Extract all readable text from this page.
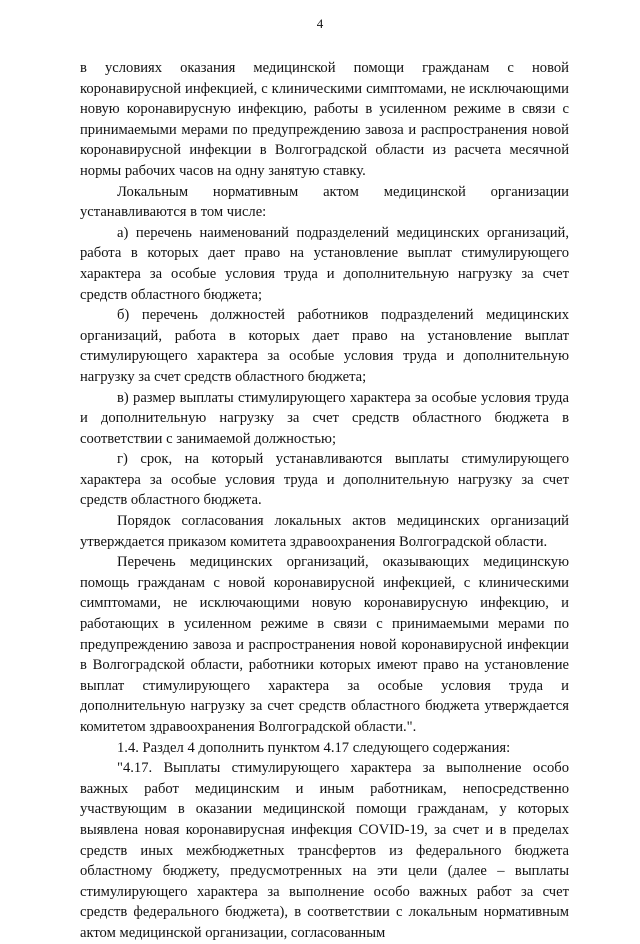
4

в условиях оказания медицинской помощи гражданам с новой коронавирусной инфекцией, с клиническими симптомами, не исключающими новую коронавирусную инфекцию, работы в усиленном режиме в связи с принимаемыми мерами по предупреждению завоза и распространения новой коронавирусной инфекции в Волгоградской области из расчета месячной нормы рабочих часов на одну занятую ставку.

Локальным нормативным актом медицинской организации устанавливаются в том числе:

а) перечень наименований подразделений медицинских организаций, работа в которых дает право на установление выплат стимулирующего характера за особые условия труда и дополнительную нагрузку за счет средств областного бюджета;

б) перечень должностей работников подразделений медицинских организаций, работа в которых дает право на установление выплат стимулирующего характера за особые условия труда и дополнительную нагрузку за счет средств областного бюджета;

в) размер выплаты стимулирующего характера за особые условия труда и дополнительную нагрузку за счет средств областного бюджета в соответствии с занимаемой должностью;

г) срок, на который устанавливаются выплаты стимулирующего характера за особые условия труда и дополнительную нагрузку за счет средств областного бюджета.

Порядок согласования локальных актов медицинских организаций утверждается приказом комитета здравоохранения Волгоградской области.

Перечень медицинских организаций, оказывающих медицинскую помощь гражданам с новой коронавирусной инфекцией, с клиническими симптомами, не исключающими новую коронавирусную инфекцию, и работающих в усиленном режиме в связи с принимаемыми мерами по предупреждению завоза и распространения новой коронавирусной инфекции в Волгоградской области, работники которых имеют право на установление выплат стимулирующего характера за особые условия труда и дополнительную нагрузку за счет средств областного бюджета утверждается комитетом здравоохранения Волгоградской области.".

1.4. Раздел 4 дополнить пунктом 4.17 следующего содержания:

"4.17. Выплаты стимулирующего характера за выполнение особо важных работ медицинским и иным работникам, непосредственно участвующим в оказании медицинской помощи гражданам, у которых выявлена новая коронавирусная инфекция COVID-19, за счет и в пределах средств иных межбюджетных трансфертов из федерального бюджета областному бюджету, предусмотренных на эти цели (далее – выплаты стимулирующего характера за выполнение особо важных работ за счет средств федерального бюджета), в соответствии с локальным нормативным актом медицинской организации, согласованным
